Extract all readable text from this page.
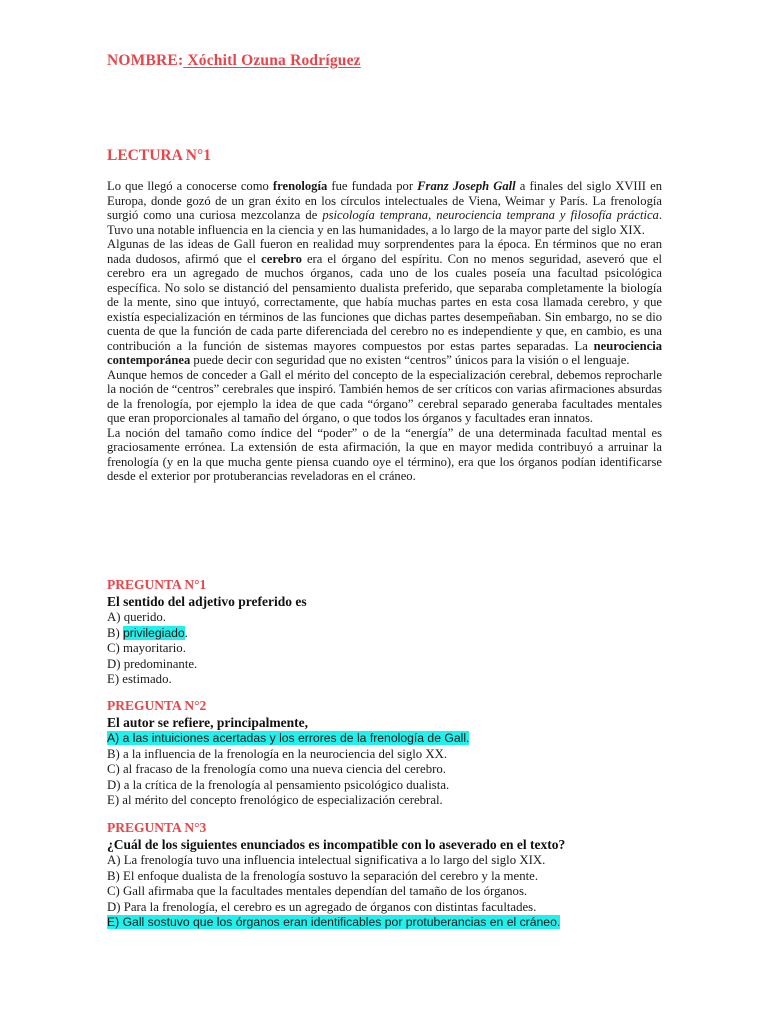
NOMBRE: Xóchitl Ozuna Rodríguez
LECTURA N°1

Lo que llegó a conocerse como frenología fue fundada por Franz Joseph Gall a finales del siglo XVIII en Europa, donde gozó de un gran éxito en los círculos intelectuales de Viena, Weimar y París. La frenología surgió como una curiosa mezcolanza de psicología temprana, neurociencia temprana y filosofía práctica. Tuvo una notable influencia en la ciencia y en las humanidades, a lo largo de la mayor parte del siglo XIX.

Algunas de las ideas de Gall fueron en realidad muy sorprendentes para la época. En términos que no eran nada dudosos, afirmó que el cerebro era el órgano del espíritu. Con no menos seguridad, aseveró que el cerebro era un agregado de muchos órganos, cada uno de los cuales poseía una facultad psicológica específica. No solo se distanció del pensamiento dualista preferido, que separaba completamente la biología de la mente, sino que intuyó, correctamente, que había muchas partes en esta cosa llamada cerebro, y que existía especialización en términos de las funciones que dichas partes desempeñaban. Sin embargo, no se dio cuenta de que la función de cada parte diferenciada del cerebro no es independiente y que, en cambio, es una contribución a la función de sistemas mayores compuestos por estas partes separadas. La neurociencia contemporánea puede decir con seguridad que no existen “centros” únicos para la visión o el lenguaje.

Aunque hemos de conceder a Gall el mérito del concepto de la especialización cerebral, debemos reprocharle la noción de “centros” cerebrales que inspiró. También hemos de ser críticos con varias afirmaciones absurdas de la frenología, por ejemplo la idea de que cada “órgano” cerebral separado generaba facultades mentales que eran proporcionales al tamaño del órgano, o que todos los órganos y facultades eran innatos.

La noción del tamaño como índice del “poder” o de la “energía” de una determinada facultad mental es graciosamente errónea. La extensión de esta afirmación, la que en mayor medida contribuyó a arruinar la frenología (y en la que mucha gente piensa cuando oye el término), era que los órganos podían identificarse desde el exterior por protuberancias reveladoras en el cráneo.

PREGUNTA N°1
El sentido del adjetivo preferido es
A) querido.
B) privilegiado.
C) mayoritario.
D) predominante.
E) estimado.
PREGUNTA N°2
El autor se refiere, principalmente,
A) a las intuiciones acertadas y los errores de la frenología de Gall.
B) a la influencia de la frenología en la neurociencia del siglo XX.
C) al fracaso de la frenología como una nueva ciencia del cerebro.
D) a la crítica de la frenología al pensamiento psicológico dualista.
E) al mérito del concepto frenológico de especialización cerebral.
PREGUNTA N°3
¿Cuál de los siguientes enunciados es incompatible con lo aseverado en el texto?
A) La frenología tuvo una influencia intelectual significativa a lo largo del siglo XIX.
B) El enfoque dualista de la frenología sostuvo la separación del cerebro y la mente.
C) Gall afirmaba que la facultades mentales dependían del tamaño de los órganos.
D) Para la frenología, el cerebro es un agregado de órganos con distintas facultades.
E) Gall sostuvo que los órganos eran identificables por protuberancias en el cráneo.
